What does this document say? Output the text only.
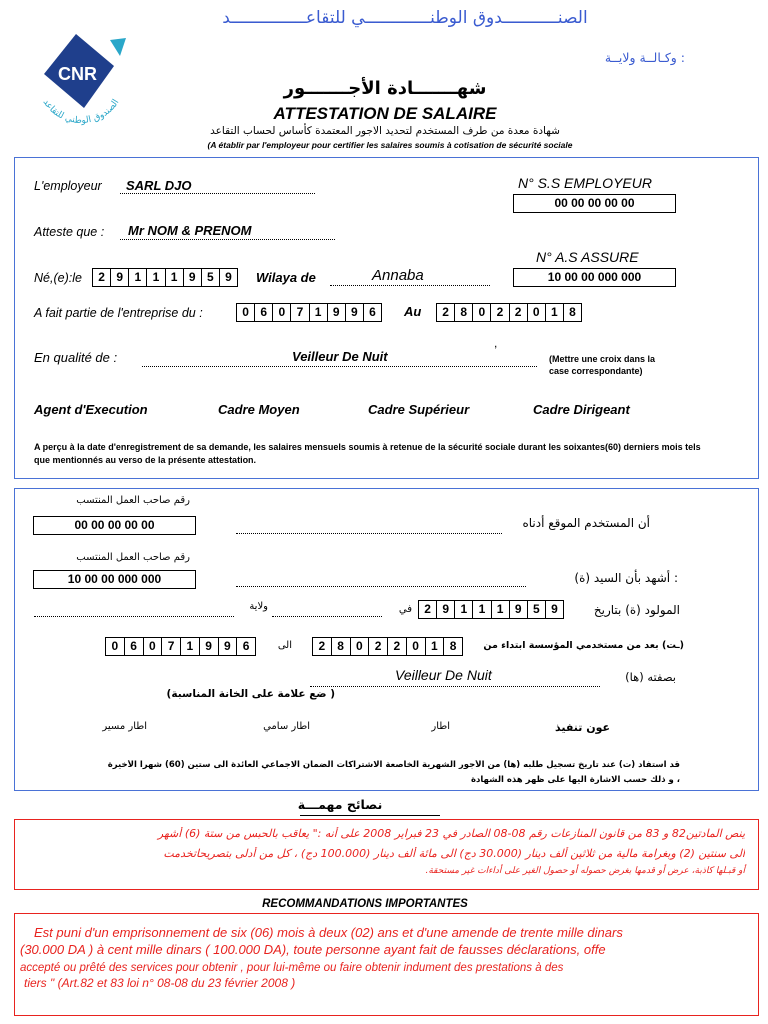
الصنـــــــــــدوق الوطنـــــــــــــي للتقاعـــــــــــــــد
: وكـالــة ولايــة
CNR
الصندوق الوطني للتقاعد
شهـــــــادة الأجـــــــور
ATTESTATION DE SALAIRE
شهادة معدة من طرف المستخدم لتحديد الاجور المعتمدة كأساس لحساب التقاعد
(A établir par l'employeur pour certifier les salaires soumis à cotisation de sécurité sociale
L'employeur SARL DJO	N° S.S EMPLOYEUR
00 00 00 00 00
Atteste que : Mr NOM & PRENOM
N° A.S ASSURE
10 00 00 000 000
Né,(e):le	2 9 1 1 1 9 5 9	Wilaya de	Annaba
A fait partie de l'entreprise du :	0 6 0 7 1 9 9 6	Au	2 8 0 2 2 0 1 8
En qualité de :	Veilleur De Nuit
,
(Mettre une croix dans la case correspondante)
Agent d'Execution	Cadre Moyen	Cadre Supérieur	Cadre Dirigeant
A perçu à la date d'enregistrement de sa demande, les salaires mensuels soumis à retenue de la sécurité sociale durant les soixantes(60) derniers mois tels que mentionnés au verso de la présente attestation.
رقم صاحب العمل المنتسب
00 00 00 00 00	أن المستخدم الموقع أدناه
رقم صاحب العمل المنتسب
10 00 00 000 000	: أشهد بأن السيد (ة)
ولاية	في	2 9 1 1 1 9 5 9	المولود (ة) بتاريخ
0	6	0	7	1	9	9	6	الى	2	8	0	2	2	0	1	8	(ـت) بعد من مستخدمي المؤسسة ابتداء من
Veilleur De Nuit	بصفته (ها)
( ضع علامة على الخانة المناسبة)
عون تنفيذ
اطار
اطار سامي
اطار مسير
قد استفاد (ت) عند تاريخ تسجيل طلبه (ها) من الأجور الشهرية الخاصعة الاشتراكات الضمان الاجماعي العائدة الى ستين (60) شهرا الأخيرة
، و ذلك حسب الاشارة اليها على ظهر هذه الشهادة
نصائح مهمـــة
ينص المادتين82 و 83 من قانون المنازعات رقم 08-08 الصادر في 23 فبراير 2008 على أنه :" يعاقب بالحبس من ستة (6) أشهر
الى سنتين (2) وبغرامة مالية من ثلاثين ألف دينار (30.000 دج) الى مائة ألف دينار (100.000 دج) ، كل من أدلى بتصريحاتخدمت
أو قبـلها كاذبة، عرض أو قدمها بغرض حصوله أو حصول الغير على أداءات غير مستحقة.
RECOMMANDATIONS IMPORTANTES
Est puni d'un emprisonnement de six (06) mois à deux (02) ans et d'une amende de trente mille dinars
(30.000 DA ) à cent mille dinars ( 100.000 DA), toute personne ayant fait de fausses déclarations, offe
accepté ou prêté des services pour obtenir , pour lui-même ou faire obtenir indument des prestations à des
tiers " (Art.82 et 83 loi n° 08-08 du 23 février 2008 )
